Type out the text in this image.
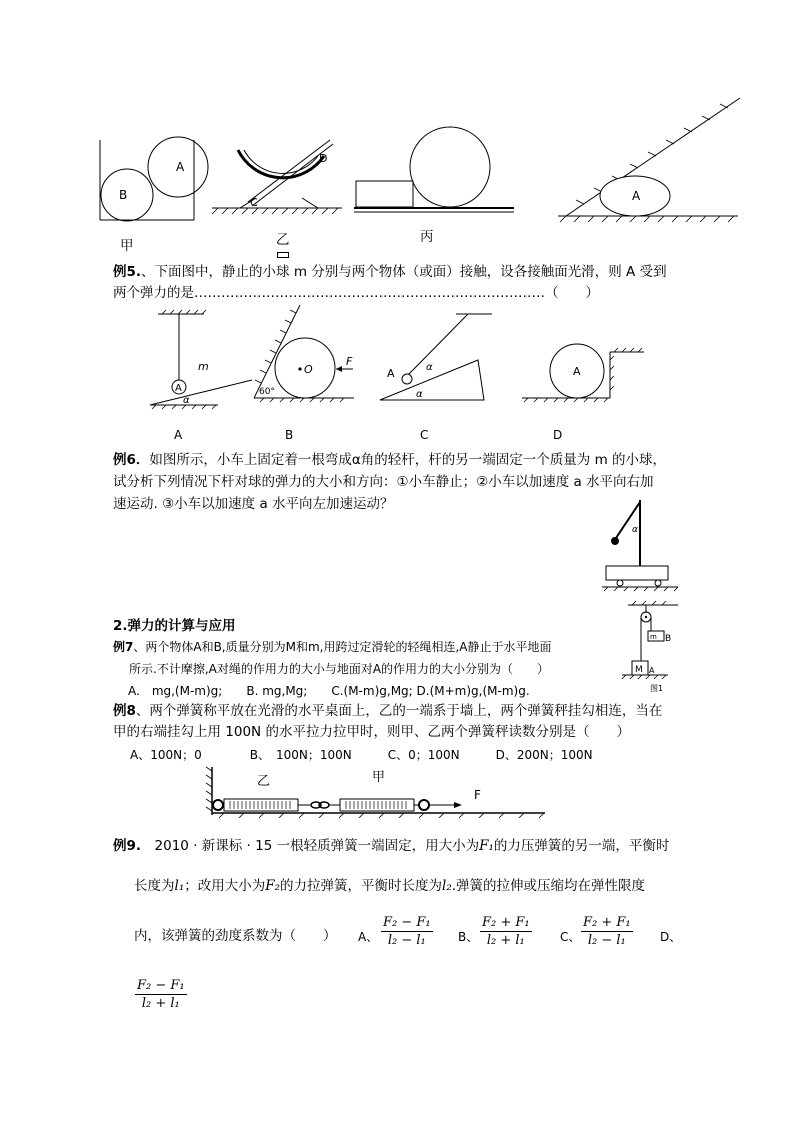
A
B
甲
C
D
乙	丙
A
例5.、下面图中，静止的小球 m 分别与两个物体（或面）接触，设各接触面光滑，则 A 受到
两个弹力的是……………………………………………………………………（　　）
A
m
α
A
O
F
60°
B
A	α
α
C
A
D
例6．如图所示，小车上固定着一根弯成α角的轻杆，杆的另一端固定一个质量为 m 的小球，
试分析下列情况下杆对球的弹力的大小和方向：①小车静止；②小车以加速度 a 水平向右加
速运动. ③小车以加速度 a 水平向左加速运动？
α
2.弹力的计算与应用
m B
M A
图1
例7、两个物体A和B,质量分别为M和m,用跨过定滑轮的轻绳相连,A静止于水平地面
所示.不计摩擦,A对绳的作用力的大小与地面对A的作用力的大小分别为（　　）
A.　mg,(M-m)g;　　B. mg,Mg;　　C.(M-m)g,Mg; D.(M+m)g,(M-m)g.
例8、两个弹簧称平放在光滑的水平桌面上，乙的一端系于墙上，两个弹簧秤挂勾相连，当在
甲的右端挂勾上用 100N 的水平拉力拉甲时，则甲、乙两个弹簧秤读数分别是（　　）
A、100N；0　　　　B、　100N；100N　　　C、0；100N　　　D、200N；100N
乙	甲
F
例9.　2010 · 新课标 · 15 一根轻质弹簧一端固定，用大小为F₁的力压弹簧的另一端，平衡时
长度为l₁；改用大小为F₂的力拉弹簧，平衡时长度为l₂.弹簧的拉伸或压缩均在弹性限度
内，该弹簧的劲度系数为（　　） A、 $\frac{\text{F₂ − F₁}}{\text{l₂ − l₁}}$ B、 $\frac{\text{F₂ + F₁}}{\text{l₂ + l₁}}$ C、 $\frac{\text{F₂ + F₁}}{\text{l₂ − l₁}}$ D、
$\frac{\text{F₂ − F₁}}{\text{l₂ + l₁}}$
